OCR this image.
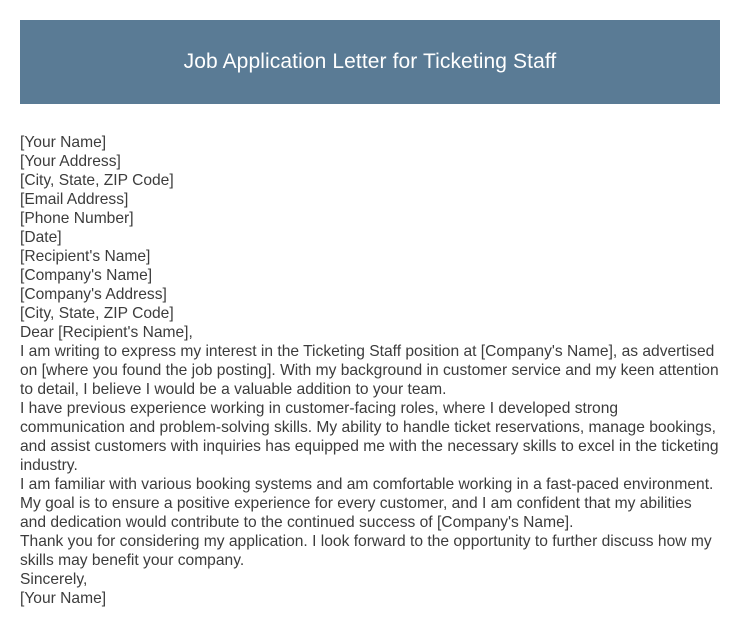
Job Application Letter for Ticketing Staff
[Your Name]
[Your Address]
[City, State, ZIP Code]
[Email Address]
[Phone Number]
[Date]
[Recipient's Name]
[Company's Name]
[Company's Address]
[City, State, ZIP Code]
Dear [Recipient's Name],

I am writing to express my interest in the Ticketing Staff position at [Company's Name], as advertised on [where you found the job posting]. With my background in customer service and my keen attention to detail, I believe I would be a valuable addition to your team.

I have previous experience working in customer-facing roles, where I developed strong communication and problem-solving skills. My ability to handle ticket reservations, manage bookings, and assist customers with inquiries has equipped me with the necessary skills to excel in the ticketing industry.

I am familiar with various booking systems and am comfortable working in a fast-paced environment. My goal is to ensure a positive experience for every customer, and I am confident that my abilities and dedication would contribute to the continued success of [Company's Name].

Thank you for considering my application. I look forward to the opportunity to further discuss how my skills may benefit your company.

Sincerely,
[Your Name]
